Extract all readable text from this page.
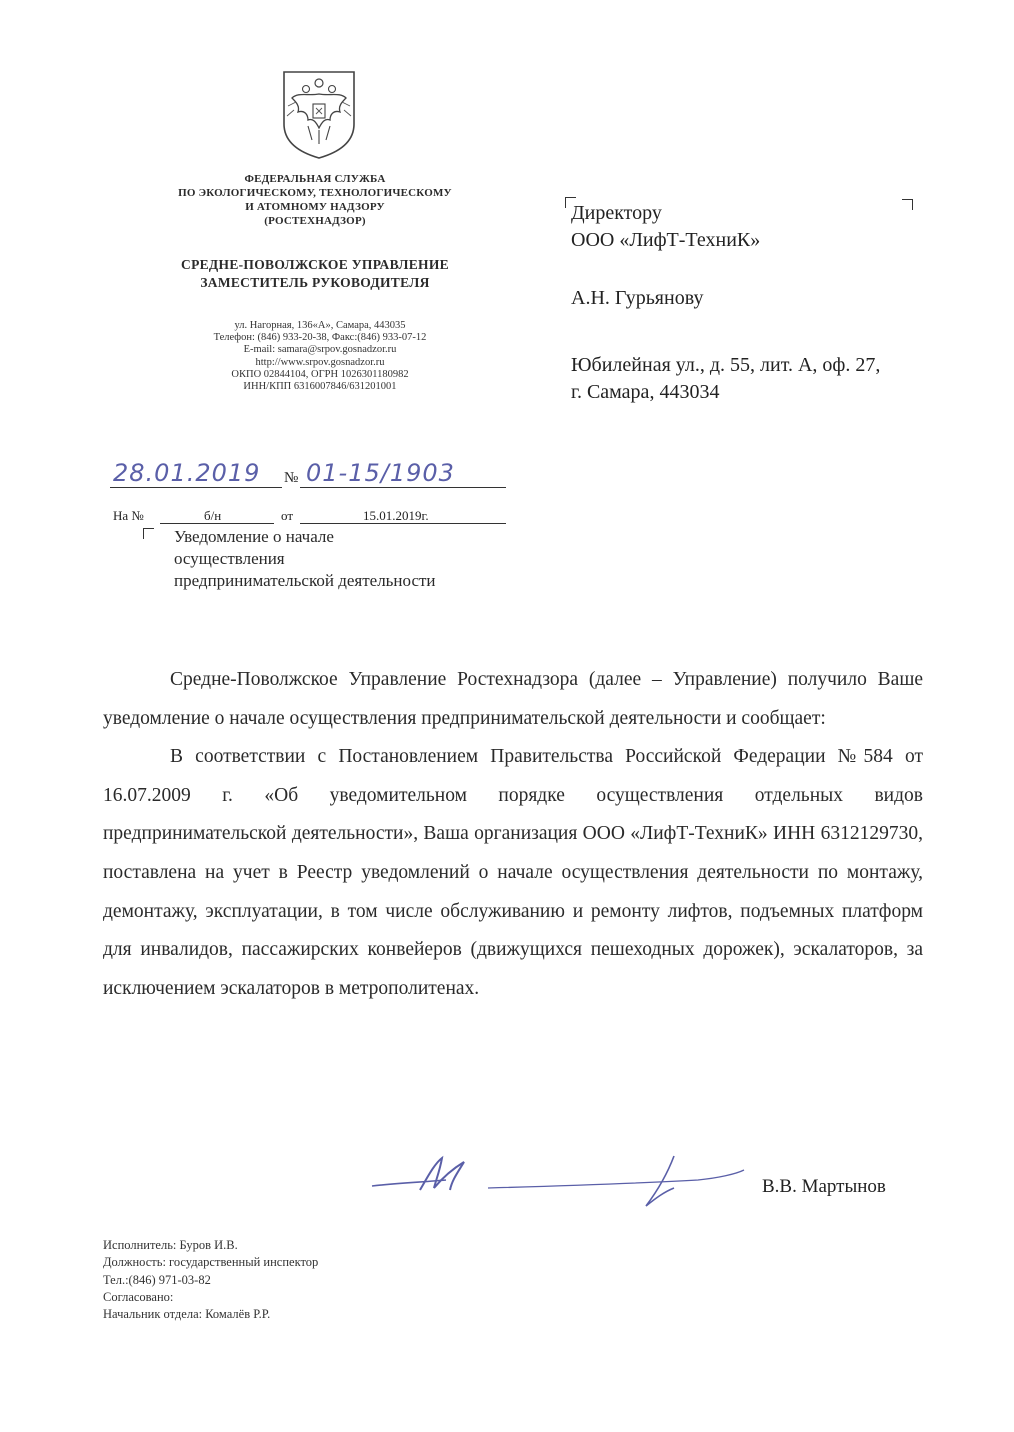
ФЕДЕРАЛЬНАЯ СЛУЖБА
ПО ЭКОЛОГИЧЕСКОМУ, ТЕХНОЛОГИЧЕСКОМУ
И АТОМНОМУ НАДЗОРУ
(РОСТЕХНАДЗОР)
СРЕДНЕ-ПОВОЛЖСКОЕ УПРАВЛЕНИЕ
ЗАМЕСТИТЕЛЬ РУКОВОДИТЕЛЯ
ул. Нагорная, 136«А», Самара, 443035
Телефон: (846) 933-20-38, Факс:(846) 933-07-12
E-mail: samara@srpov.gosnadzor.ru
http://www.srpov.gosnadzor.ru
ОКПО 02844104, ОГРН 1026301180982
ИНН/КПП 6316007846/631201001
Директору
ООО «ЛифТ-ТехниК»
А.Н. Гурьянову
Юбилейная ул., д. 55, лит. А, оф. 27,
г. Самара, 443034
28.01.2019 № 01-15/1903
На №	б/н	от	15.01.2019г.
Уведомление о начале
осуществления
предпринимательской деятельности

Средне-Поволжское Управление Ростехнадзора (далее – Управление) получило Ваше уведомление о начале осуществления предпринимательской деятельности и сообщает:

В соответствии с Постановлением Правительства Российской Федерации №584 от 16.07.2009 г. «Об уведомительном порядке осуществления отдельных видов предпринимательской деятельности», Ваша организация ООО «ЛифТ-ТехниК» ИНН 6312129730, поставлена на учет в Реестр уведомлений о начале осуществления деятельности по монтажу, демонтажу, эксплуатации, в том числе обслуживанию и ремонту лифтов, подъемных платформ для инвалидов, пассажирских конвейеров (движущихся пешеходных дорожек), эскалаторов, за исключением эскалаторов в метрополитенах.

В.В. Мартынов
Исполнитель: Буров И.В.
Должность: государственный инспектор
Тел.:(846) 971-03-82
Согласовано:
Начальник отдела: Комалёв Р.Р.
